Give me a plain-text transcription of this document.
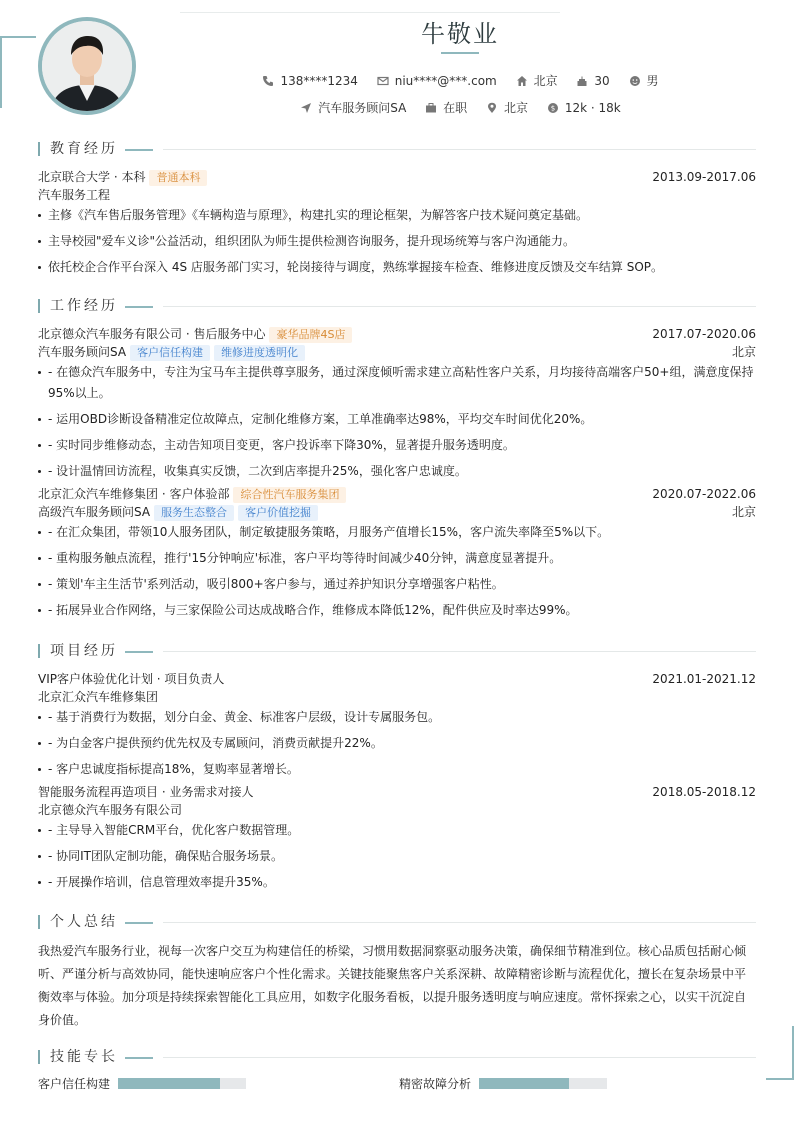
牛敬业
138****1234
	niu****@***.com
	北京
	30
	男
汽车服务顾问SA
	在职
	北京
	$ 12k · 18k
教育经历
北京联合大学 · 本科 普通本科	2013.09-2017.06
汽车服务工程
主修《汽车售后服务管理》《车辆构造与原理》，构建扎实的理论框架，为解答客户技术疑问奠定基础。
主导校园"爱车义诊"公益活动，组织团队为师生提供检测咨询服务，提升现场统筹与客户沟通能力。
依托校企合作平台深入 4S 店服务部门实习，轮岗接待与调度，熟练掌握接车检查、维修进度反馈及交车结算 SOP。
工作经历
北京德众汽车服务有限公司 · 售后服务中心 豪华品牌4S店	2017.07-2020.06
汽车服务顾问SA 客户信任构建 维修进度透明化	北京
- 在德众汽车服务中，专注为宝马车主提供尊享服务，通过深度倾听需求建立高粘性客户关系，月均接待高端客户50+组，满意度保持95%以上。
- 运用OBD诊断设备精准定位故障点，定制化维修方案，工单准确率达98%，平均交车时间优化20%。
- 实时同步维修动态，主动告知项目变更，客户投诉率下降30%，显著提升服务透明度。
- 设计温情回访流程，收集真实反馈，二次到店率提升25%，强化客户忠诚度。
北京汇众汽车维修集团 · 客户体验部 综合性汽车服务集团	2020.07-2022.06
高级汽车服务顾问SA 服务生态整合 客户价值挖掘	北京
- 在汇众集团，带领10人服务团队，制定敏捷服务策略，月服务产值增长15%，客户流失率降至5%以下。
- 重构服务触点流程，推行'15分钟响应'标准，客户平均等待时间减少40分钟，满意度显著提升。
- 策划'车主生活节'系列活动，吸引800+客户参与，通过养护知识分享增强客户粘性。
- 拓展异业合作网络，与三家保险公司达成战略合作，维修成本降低12%，配件供应及时率达99%。
项目经历
VIP客户体验优化计划 · 项目负责人	2021.01-2021.12
北京汇众汽车维修集团
- 基于消费行为数据，划分白金、黄金、标准客户层级，设计专属服务包。
- 为白金客户提供预约优先权及专属顾问，消费贡献提升22%。
- 客户忠诚度指标提高18%，复购率显著增长。
智能服务流程再造项目 · 业务需求对接人	2018.05-2018.12
北京德众汽车服务有限公司
- 主导导入智能CRM平台，优化客户数据管理。
- 协同IT团队定制功能，确保贴合服务场景。
- 开展操作培训，信息管理效率提升35%。
个人总结

我热爱汽车服务行业，视每一次客户交互为构建信任的桥梁，习惯用数据洞察驱动服务决策，确保细节精准到位。核心品质包括耐心倾听、严谨分析与高效协同，能快速响应客户个性化需求。关键技能聚焦客户关系深耕、故障精密诊断与流程优化，擅长在复杂场景中平衡效率与体验。加分项是持续探索智能化工具应用，如数字化服务看板，以提升服务透明度与响应速度。常怀探索之心，以实干沉淀自身价值。

技能专长
客户信任构建	精密故障分析
